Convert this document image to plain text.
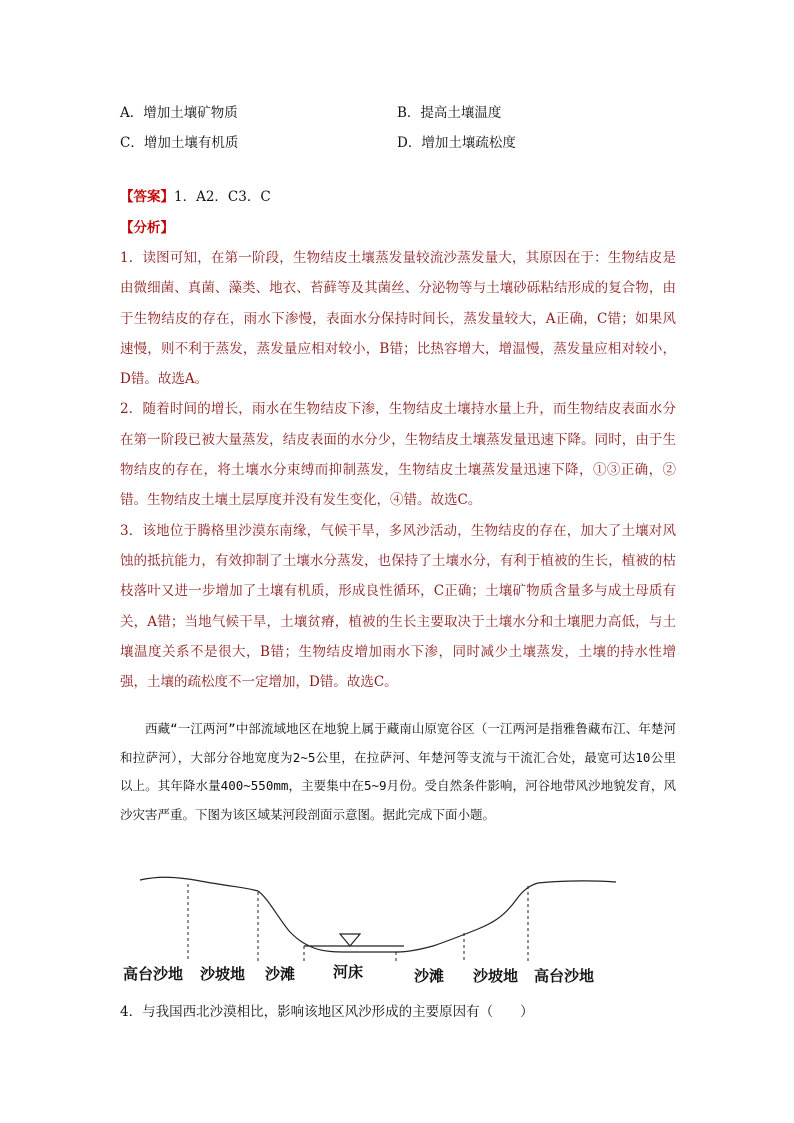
A．增加土壤矿物质	B．提高土壤温度
C．增加土壤有机质	D．增加土壤疏松度
【答案】1．A2．C3．C
【分析】

1．读图可知，在第一阶段，生物结皮土壤蒸发量较流沙蒸发量大，其原因在于：生物结皮是由微细菌、真菌、藻类、地衣、苔藓等及其菌丝、分泌物等与土壤砂砾粘结形成的复合物，由于生物结皮的存在，雨水下渗慢，表面水分保持时间长，蒸发量较大，A正确，C错；如果风速慢，则不利于蒸发，蒸发量应相对较小，B错；比热容增大，增温慢，蒸发量应相对较小，D错。故选A。

2．随着时间的增长，雨水在生物结皮下渗，生物结皮土壤持水量上升，而生物结皮表面水分在第一阶段已被大量蒸发，结皮表面的水分少，生物结皮土壤蒸发量迅速下降。同时，由于生物结皮的存在，将土壤水分束缚而抑制蒸发，生物结皮土壤蒸发量迅速下降，①③正确，②错。生物结皮土壤土层厚度并没有发生变化，④错。故选C。

3．该地位于腾格里沙漠东南缘，气候干旱，多风沙活动，生物结皮的存在，加大了土壤对风蚀的抵抗能力，有效抑制了土壤水分蒸发，也保持了土壤水分，有利于植被的生长，植被的枯枝落叶又进一步增加了土壤有机质，形成良性循环，C正确；土壤矿物质含量多与成土母质有关，A错；当地气候干旱，土壤贫瘠，植被的生长主要取决于土壤水分和土壤肥力高低，与土壤温度关系不是很大，B错；生物结皮增加雨水下渗，同时减少土壤蒸发，土壤的持水性增强，土壤的疏松度不一定增加，D错。故选C。

西藏“一江两河”中部流域地区在地貌上属于藏南山原宽谷区（一江两河是指雅鲁藏布江、年楚河和拉萨河），大部分谷地宽度为2~5公里，在拉萨河、年楚河等支流与干流汇合处，最宽可达10公里以上。其年降水量400~550mm，主要集中在5~9月份。受自然条件影响，河谷地带风沙地貌发育，风沙灾害严重。下图为该区域某河段剖面示意图。据此完成下面小题。

高台沙地 沙坡地 沙滩	河床	沙滩 沙坡地 高台沙地
4．与我国西北沙漠相比，影响该地区风沙形成的主要原因有（　　）
